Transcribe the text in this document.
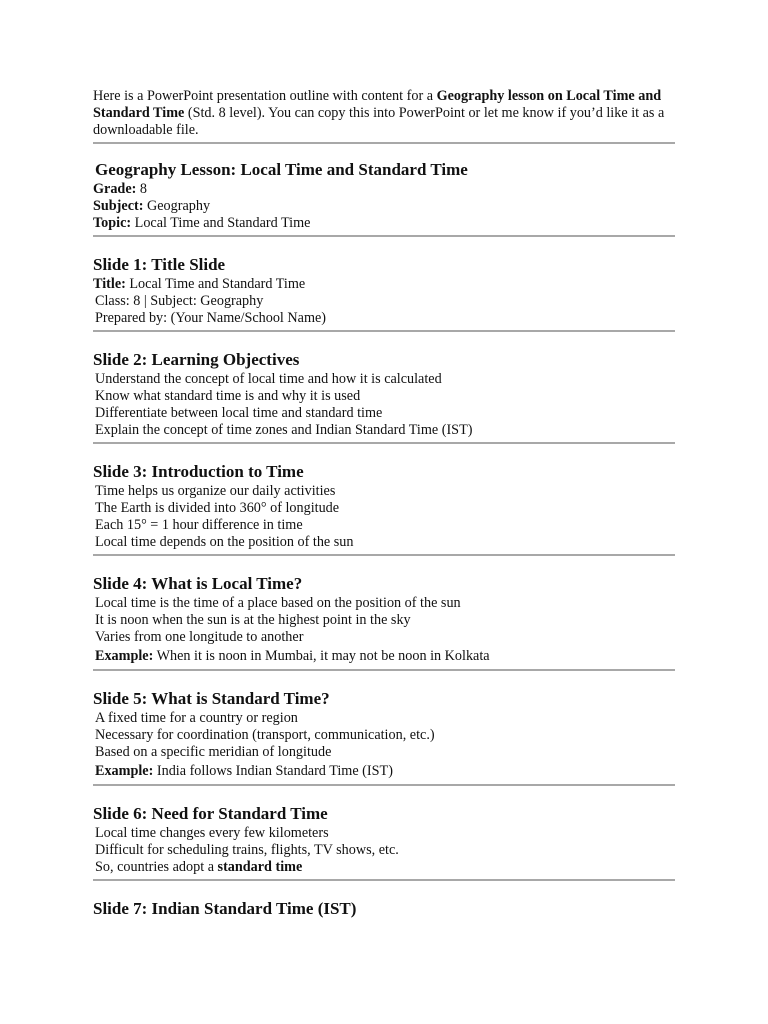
Here is a PowerPoint presentation outline with content for a Geography lesson on Local Time and Standard Time (Std. 8 level). You can copy this into PowerPoint or let me know if you’d like it as a downloadable file.

Geography Lesson: Local Time and Standard Time
Grade: 8
Subject: Geography
Topic: Local Time and Standard Time
Slide 1: Title Slide
Title: Local Time and Standard Time
Class: 8 | Subject: Geography
Prepared by: (Your Name/School Name)
Slide 2: Learning Objectives
Understand the concept of local time and how it is calculated
Know what standard time is and why it is used
Differentiate between local time and standard time
Explain the concept of time zones and Indian Standard Time (IST)
Slide 3: Introduction to Time
Time helps us organize our daily activities
The Earth is divided into 360° of longitude
Each 15° = 1 hour difference in time
Local time depends on the position of the sun
Slide 4: What is Local Time?
Local time is the time of a place based on the position of the sun
It is noon when the sun is at the highest point in the sky
Varies from one longitude to another
Example: When it is noon in Mumbai, it may not be noon in Kolkata
Slide 5: What is Standard Time?
A fixed time for a country or region
Necessary for coordination (transport, communication, etc.)
Based on a specific meridian of longitude
Example: India follows Indian Standard Time (IST)
Slide 6: Need for Standard Time
Local time changes every few kilometers
Difficult for scheduling trains, flights, TV shows, etc.
So, countries adopt a standard time
Slide 7: Indian Standard Time (IST)
